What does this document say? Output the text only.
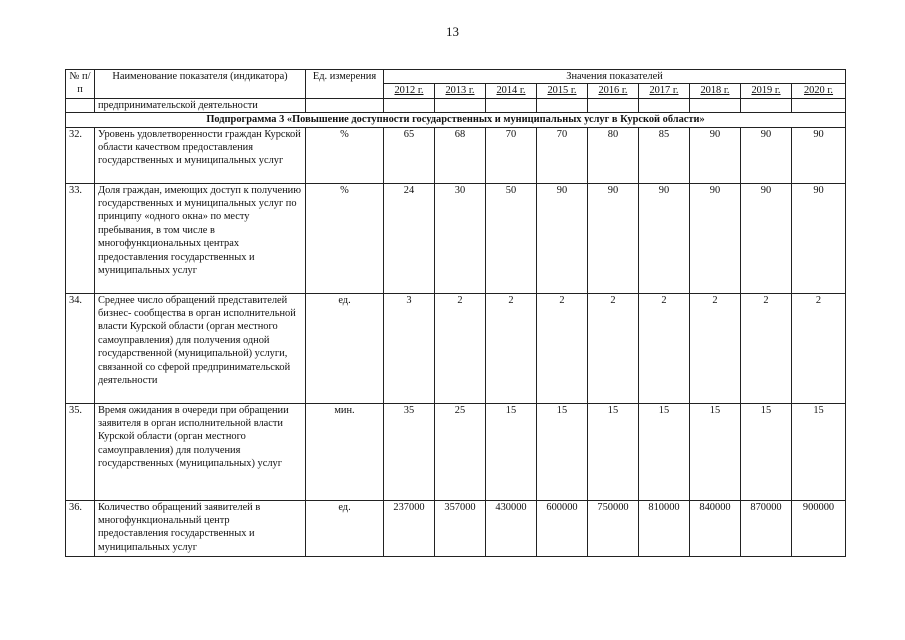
13
№ п/п	Наименование показателя (индикатора)	Ед. измерения	Значения показателей								
			2012 г.	2013 г.	2014 г.	2015 г.	2016 г.	2017 г.	2018 г.	2019 г.	2020 г.
	предпринимательской деятельности										
Подпрограмма 3 «Повышение доступности государственных и муниципальных услуг в Курской области»											
32.	Уровень удовлетворенности граждан Курской области качеством предоставления государственных и муниципальных услуг	%	65	68	70	70	80	85	90	90	90
33.	Доля граждан, имеющих доступ к получению государственных и муниципальных услуг по принципу «одного окна» по месту пребывания, в том числе в многофункциональных центрах предоставления государственных и муниципальных услуг	%	24	30	50	90	90	90	90	90	90
34.	Среднее число обращений представителей бизнес- сообщества в орган исполнительной власти Курской области (орган местного самоуправления) для получения одной государственной (муниципальной) услуги, связанной со сферой предпринимательской деятельности	ед.	3	2	2	2	2	2	2	2	2
35.	Время ожидания в очереди при обращении заявителя в орган исполнительной власти Курской области (орган местного самоуправления) для получения государственных (муниципальных) услуг	мин.	35	25	15	15	15	15	15	15	15
36.	Количество обращений заявителей в многофункциональный центр предоставления государственных и муниципальных услуг	ед.	237000	357000	430000	600000	750000	810000	840000	870000	900000
